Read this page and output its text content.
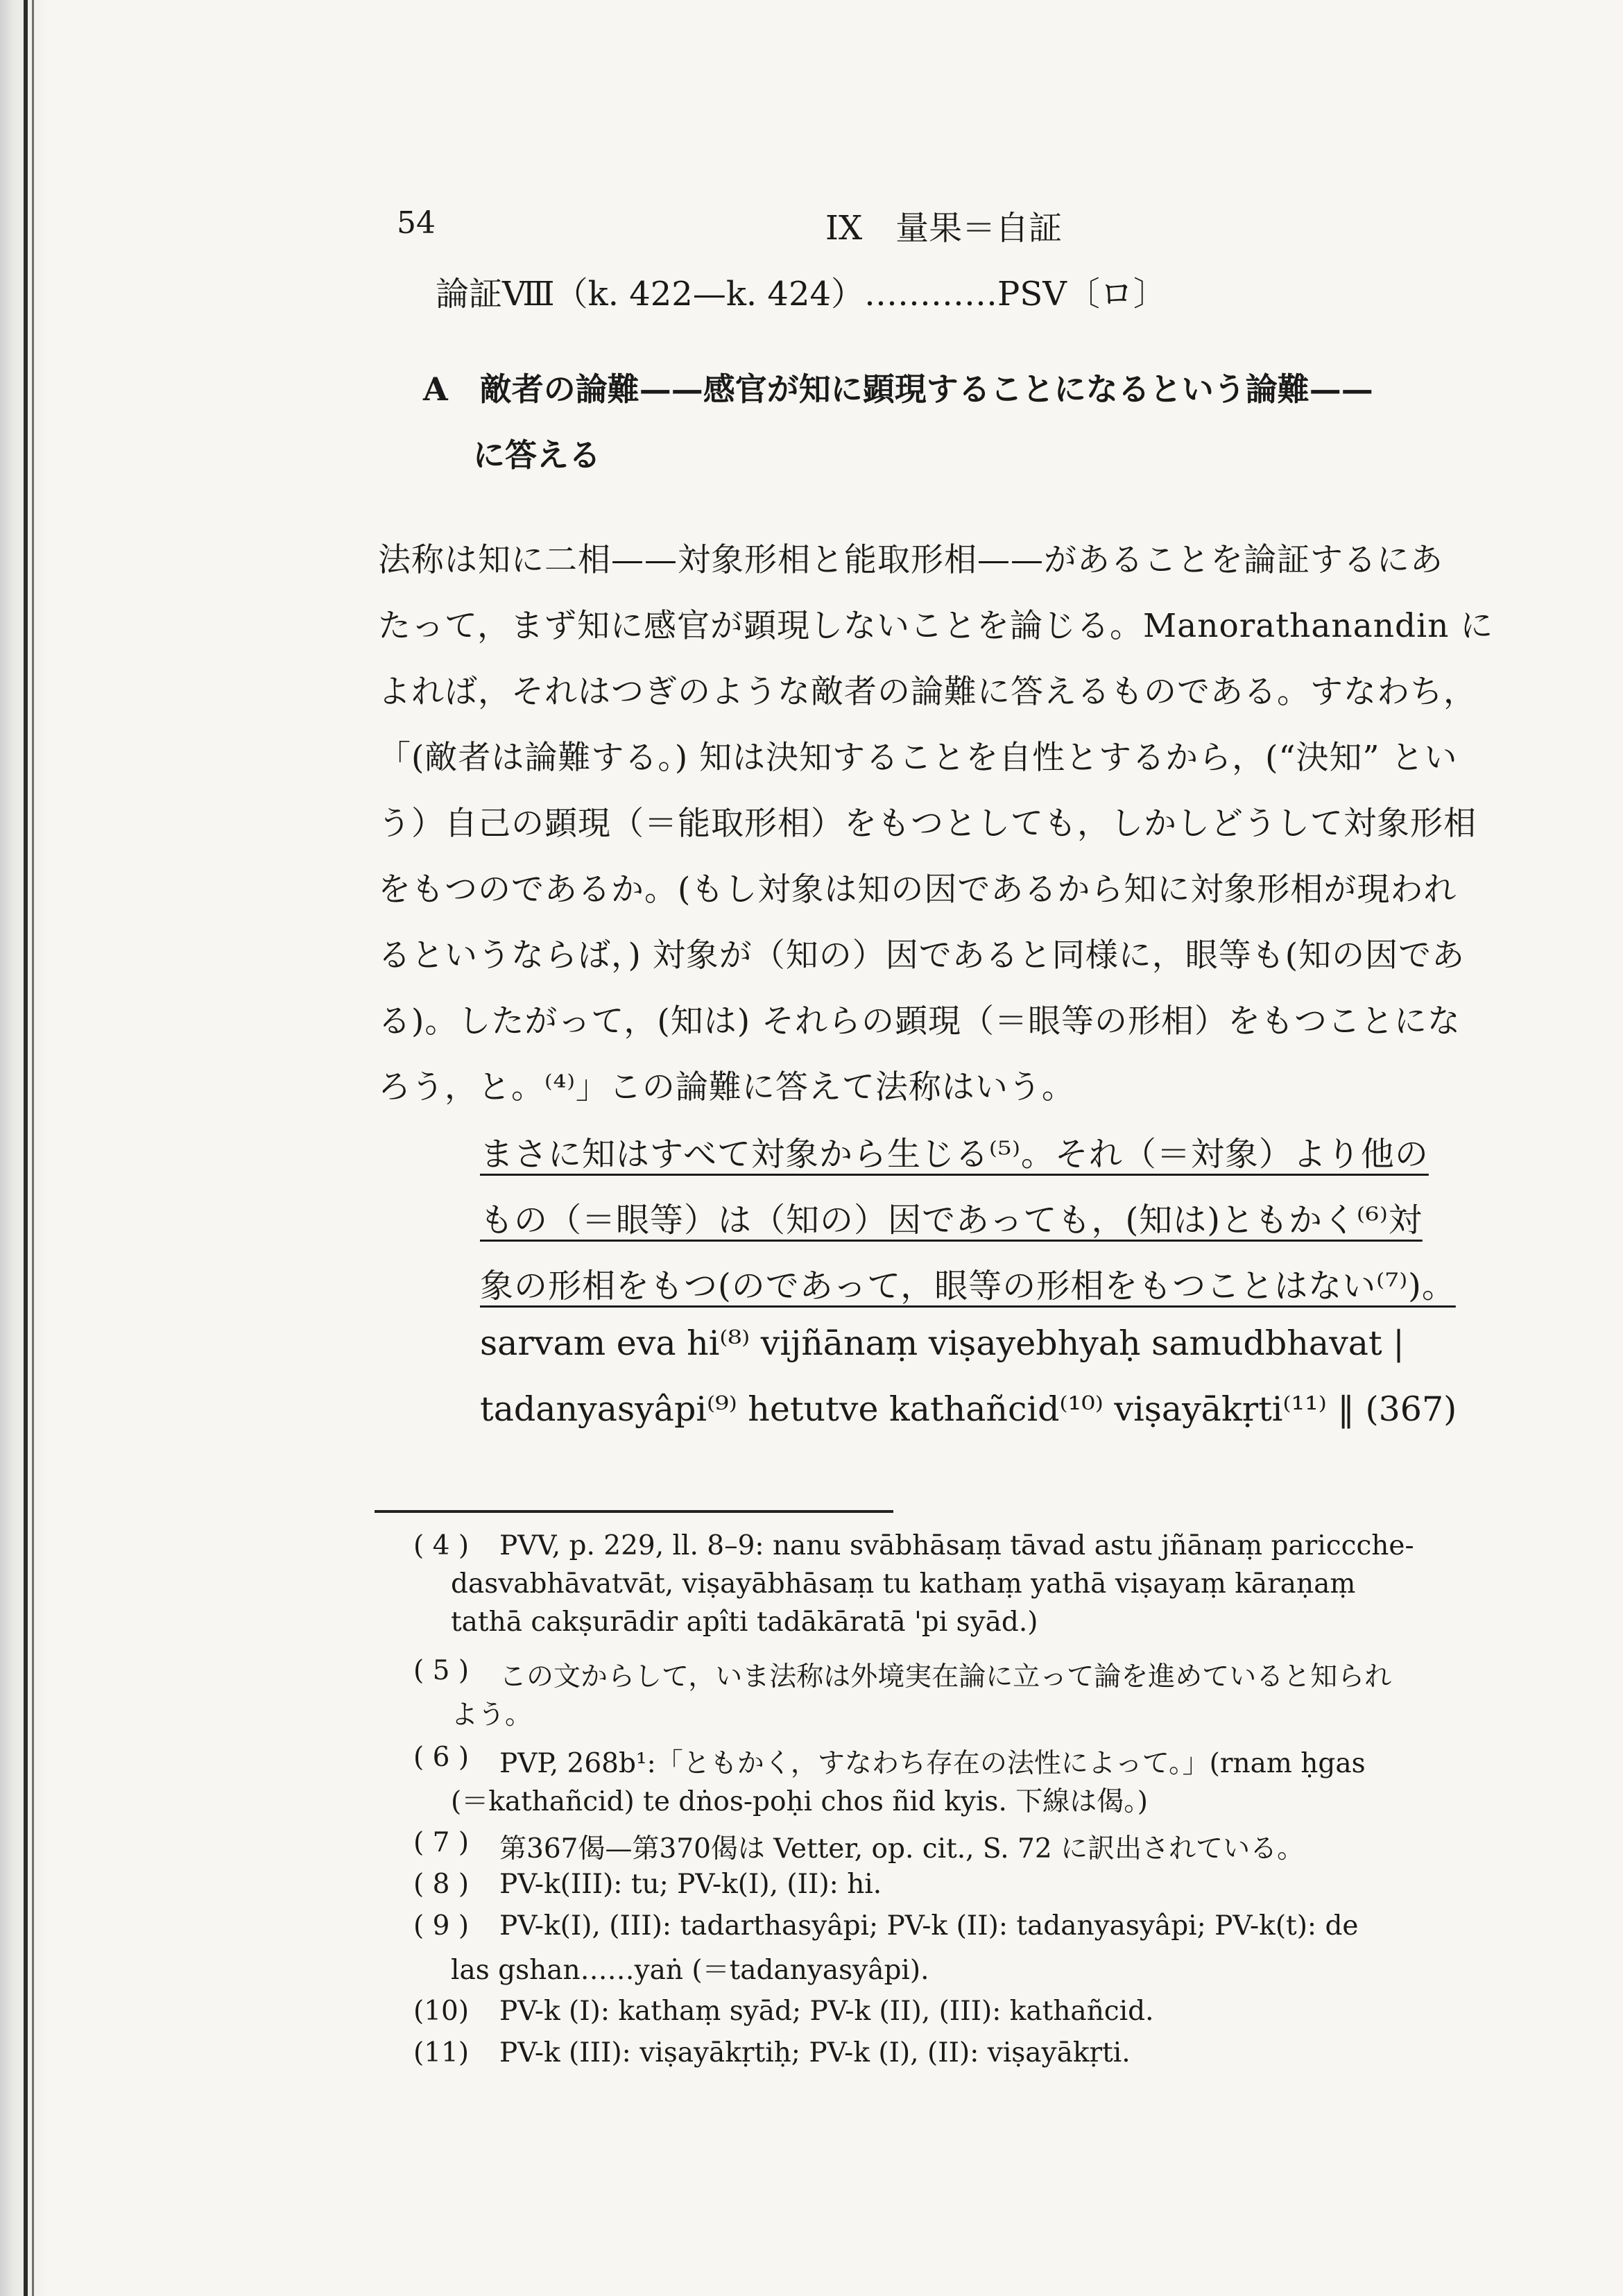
54	IX　量果＝自証
論証Ⅷ（k. 422—k. 424）…………PSV〔ロ〕
A　敵者の論難——感官が知に顕現することになるという論難——
に答える
法称は知に二相——対象形相と能取形相——があることを論証するにあ
たって，まず知に感官が顕現しないことを論じる。Manorathanandin に
よれば，それはつぎのような敵者の論難に答えるものである。すなわち，
「(敵者は論難する。) 知は決知することを自性とするから，(“決知” とい
う）自己の顕現（＝能取形相）をもつとしても，しかしどうして対象形相
をもつのであるか。(もし対象は知の因であるから知に対象形相が現われ
るというならば，) 対象が（知の）因であると同様に，眼等も(知の因であ
る)。したがって，(知は) それらの顕現（＝眼等の形相）をもつことにな
ろう，と。⁽⁴⁾」この論難に答えて法称はいう。
まさに知はすべて対象から生じる⁽⁵⁾。それ（＝対象）より他の
もの（＝眼等）は（知の）因であっても，(知は)ともかく⁽⁶⁾対
象の形相をもつ(のであって，眼等の形相をもつことはない⁽⁷⁾)。
sarvam eva hi⁽⁸⁾ vijñānaṃ viṣayebhyaḥ samudbhavat |
tadanyasyâpi⁽⁹⁾ hetutve kathañcid⁽¹⁰⁾ viṣayākṛti⁽¹¹⁾ ‖ (367)
( 4 ) PVV, p. 229, ll. 8–9: nanu svābhāsaṃ tāvad astu jñānaṃ pariccche-
dasvabhāvatvāt, viṣayābhāsaṃ tu kathaṃ yathā viṣayaṃ kāraṇaṃ
tathā cakṣurādir apîti tadākāratā 'pi syād.)
( 5 ) この文からして，いま法称は外境実在論に立って論を進めていると知られ
よう。
( 6 ) PVP, 268b¹:「ともかく，すなわち存在の法性によって。」(rnam ḥgas
(＝kathañcid) te dṅos-poḥi chos ñid kyis. 下線は偈。)
( 7 ) 第367偈—第370偈は Vetter, op. cit., S. 72 に訳出されている。
( 8 ) PV-k(III): tu; PV-k(I), (II): hi.
( 9 ) PV-k(I), (III): tadarthasyâpi; PV-k (II): tadanyasyâpi; PV-k(t): de
las gshan……yaṅ (＝tadanyasyâpi).
(10) PV-k (I): kathaṃ syād; PV-k (II), (III): kathañcid.
(11) PV-k (III): viṣayākṛtiḥ; PV-k (I), (II): viṣayākṛti.
